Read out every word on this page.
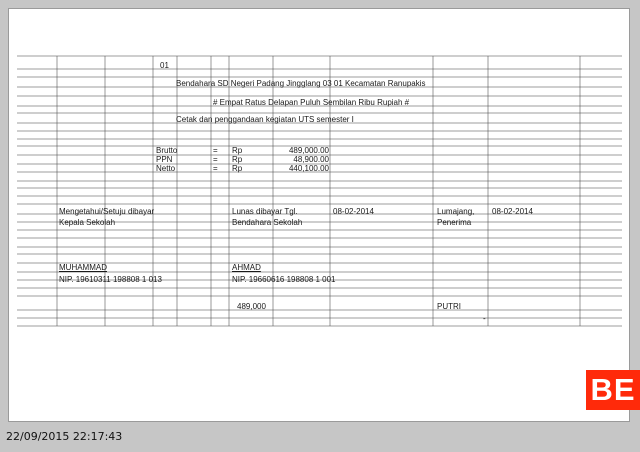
01
Bendahara SD Negeri Padang Jingglang 03 01 Kecamatan Ranupakis
# Empat Ratus Delapan Puluh Sembilan Ribu Rupiah #
Cetak dan penggandaan kegiatan UTS semester I
Brutto	= Rp	489,000.00
PPN	= Rp	48,900.00
Netto	= Rp	440,100.00
Mengetahui/Setuju dibayar	Lunas dibayar Tgl.	08-02-2014	Lumajang, 08-02-2014
Kepala Sekolah	Bendahara Sekolah	Penerima
MUHAMMAD	AHMAD
NIP. 19610311 198808 1 013	NIP. 19660616 198808 1 001
489,000	PUTRI
-
BE
22/09/2015 22:17:43
